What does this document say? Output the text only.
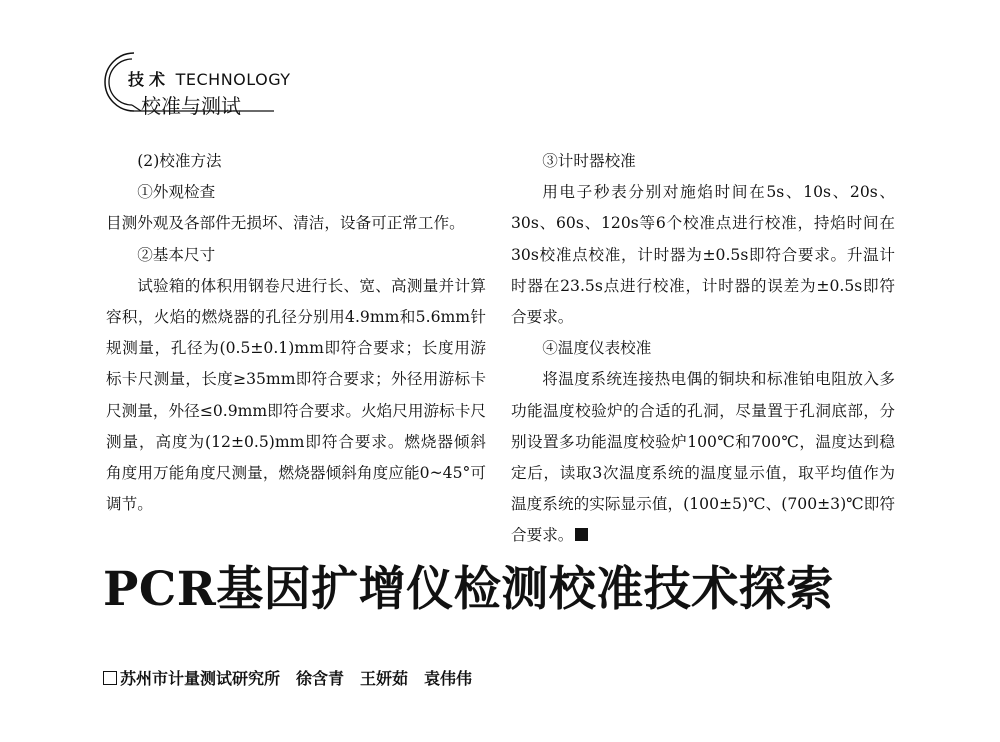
技术 TECHNOLOGY
校准与测试

(2)校准方法

①外观检查

目测外观及各部件无损坏、清洁，设备可正常工作。

②基本尺寸

试验箱的体积用钢卷尺进行长、宽、高测量并计算容积，火焰的燃烧器的孔径分别用4.9mm和5.6mm针规测量，孔径为(0.5±0.1)mm即符合要求；长度用游标卡尺测量，长度≥35mm即符合要求；外径用游标卡尺测量，外径≤0.9mm即符合要求。火焰尺用游标卡尺测量，高度为(12±0.5)mm即符合要求。燃烧器倾斜角度用万能角度尺测量，燃烧器倾斜角度应能0~45°可调节。

③计时器校准

用电子秒表分别对施焰时间在5s、10s、20s、30s、60s、120s等6个校准点进行校准，持焰时间在30s校准点校准，计时器为±0.5s即符合要求。升温计时器在23.5s点进行校准，计时器的误差为±0.5s即符合要求。

④温度仪表校准

将温度系统连接热电偶的铜块和标准铂电阻放入多功能温度校验炉的合适的孔洞，尽量置于孔洞底部，分别设置多功能温度校验炉100℃和700℃，温度达到稳定后，读取3次温度系统的温度显示值，取平均值作为温度系统的实际显示值，(100±5)℃、(700±3)℃即符合要求。

PCR基因扩增仪检测校准技术探索
苏州市计量测试研究所 徐含青 王妍茹 袁伟伟
